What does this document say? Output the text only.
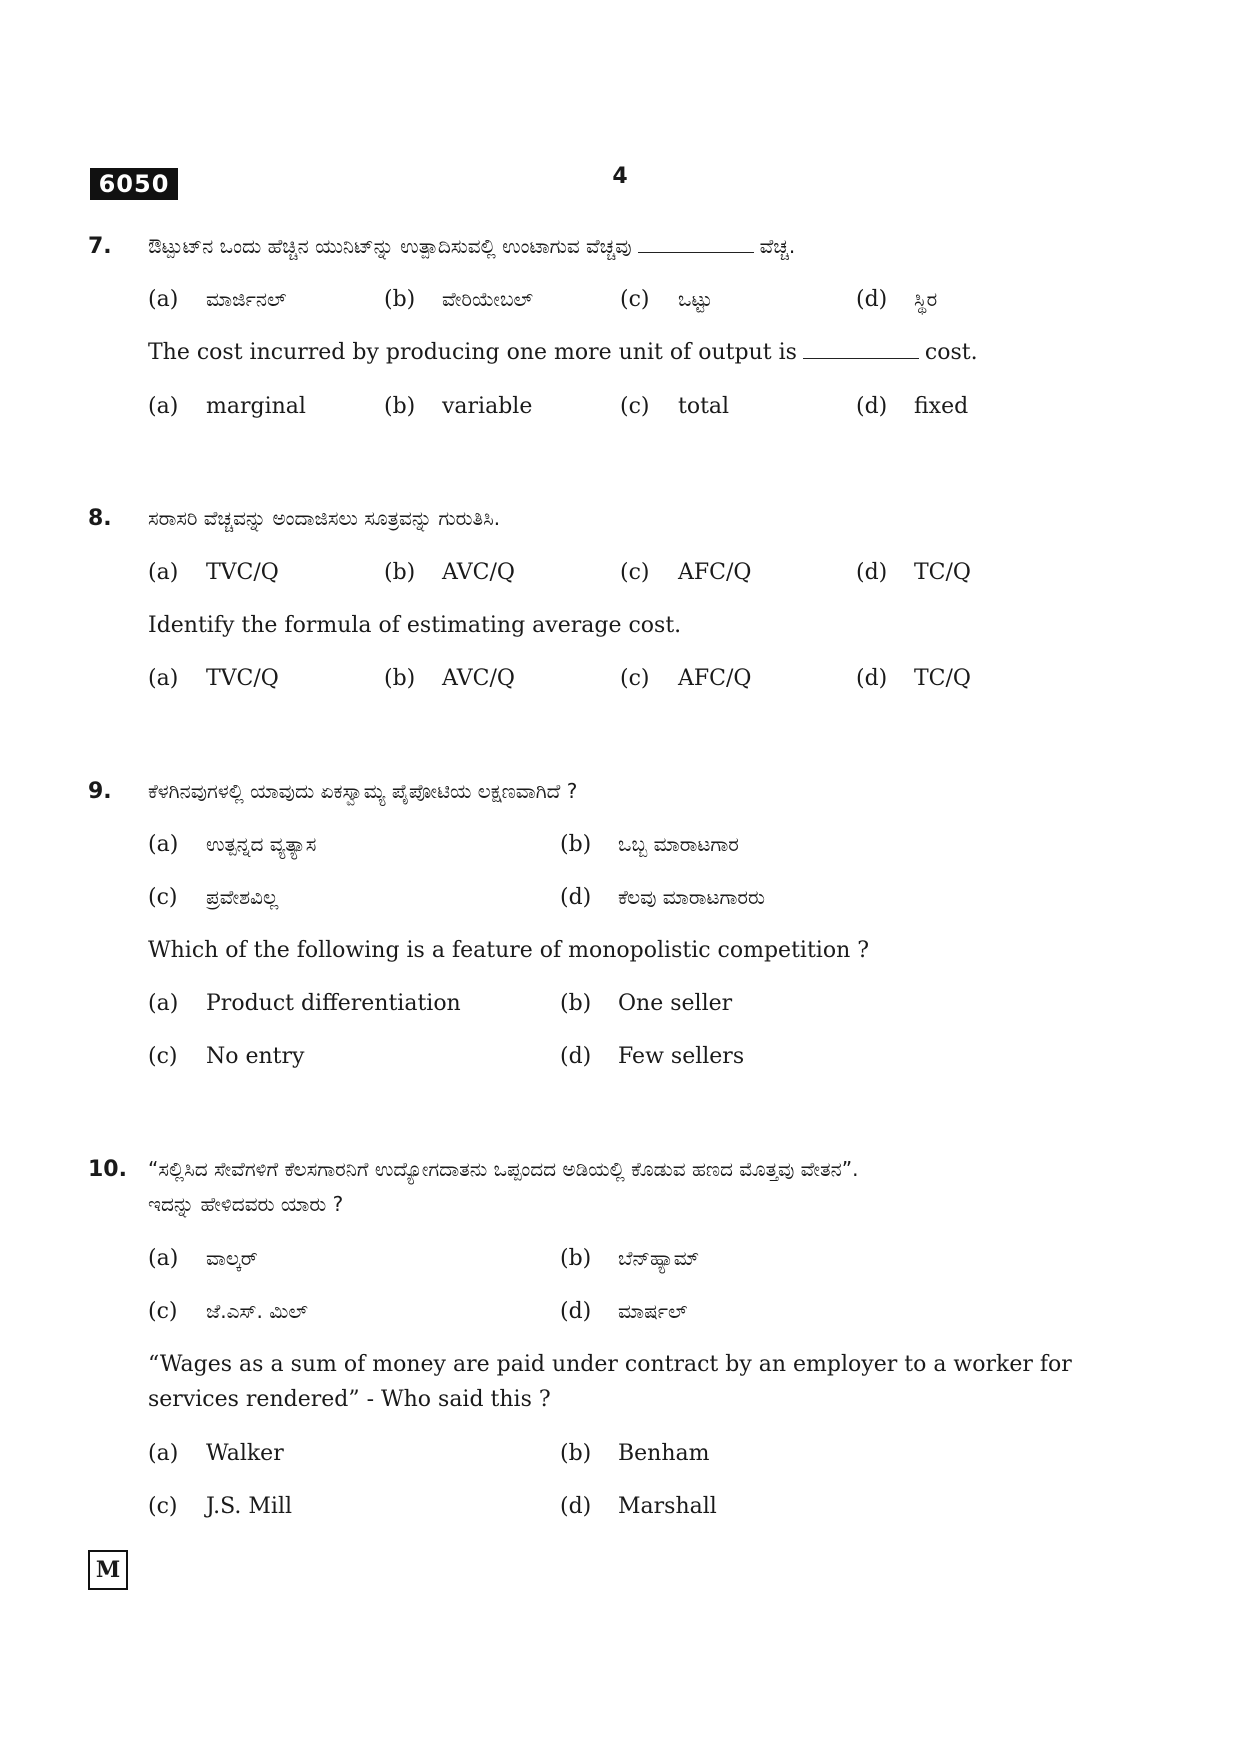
6050	4
7. ಔಟ್ಪುಟ್‌ನ ಒಂದು ಹೆಚ್ಚಿನ ಯುನಿಟ್‌ನ್ನು ಉತ್ಪಾದಿಸುವಲ್ಲಿ ಉಂಟಾಗುವ ವೆಚ್ಚವು	ವೆಚ್ಚ.
(a) ಮಾರ್ಜಿನಲ್	(b) ವೇರಿಯೇಬಲ್	(c) ಒಟ್ಟು	(d) ಸ್ಥಿರ
The cost incurred by producing one more unit of output is	cost.
(a) marginal	(b) variable	(c) total	(d) fixed
8. ಸರಾಸರಿ ವೆಚ್ಚವನ್ನು ಅಂದಾಜಿಸಲು ಸೂತ್ರವನ್ನು ಗುರುತಿಸಿ.
(a) TVC/Q	(b) AVC/Q	(c) AFC/Q	(d) TC/Q
Identify the formula of estimating average cost.
(a) TVC/Q	(b) AVC/Q	(c) AFC/Q	(d) TC/Q
9. ಕೆಳಗಿನವುಗಳಲ್ಲಿ ಯಾವುದು ಏಕಸ್ವಾಮ್ಯ ಪೈಪೋಟಿಯ ಲಕ್ಷಣವಾಗಿದೆ ?
(a) ಉತ್ಪನ್ನದ ವ್ಯತ್ಯಾಸ	(b) ಒಬ್ಬ ಮಾರಾಟಗಾರ
(c) ಪ್ರವೇಶವಿಲ್ಲ	(d) ಕೆಲವು ಮಾರಾಟಗಾರರು
Which of the following is a feature of monopolistic competition ?
(a) Product differentiation	(b) One seller
(c) No entry	(d) Few sellers
10. “ಸಲ್ಲಿಸಿದ ಸೇವೆಗಳಿಗೆ ಕೆಲಸಗಾರನಿಗೆ ಉದ್ಯೋಗದಾತನು ಒಪ್ಪಂದದ ಅಡಿಯಲ್ಲಿ ಕೊಡುವ ಹಣದ ಮೊತ್ತವು ವೇತನ”.
ಇದನ್ನು ಹೇಳಿದವರು ಯಾರು ?
(a) ವಾಲ್ಕರ್	(b) ಬೆನ್‌ಹ್ಯಾಮ್
(c) ಜೆ.ಎಸ್. ಮಿಲ್	(d) ಮಾರ್ಷಲ್
“Wages as a sum of money are paid under contract by an employer to a worker for
services rendered” - Who said this ?
(a) Walker	(b) Benham
(c) J.S. Mill	(d) Marshall
M
